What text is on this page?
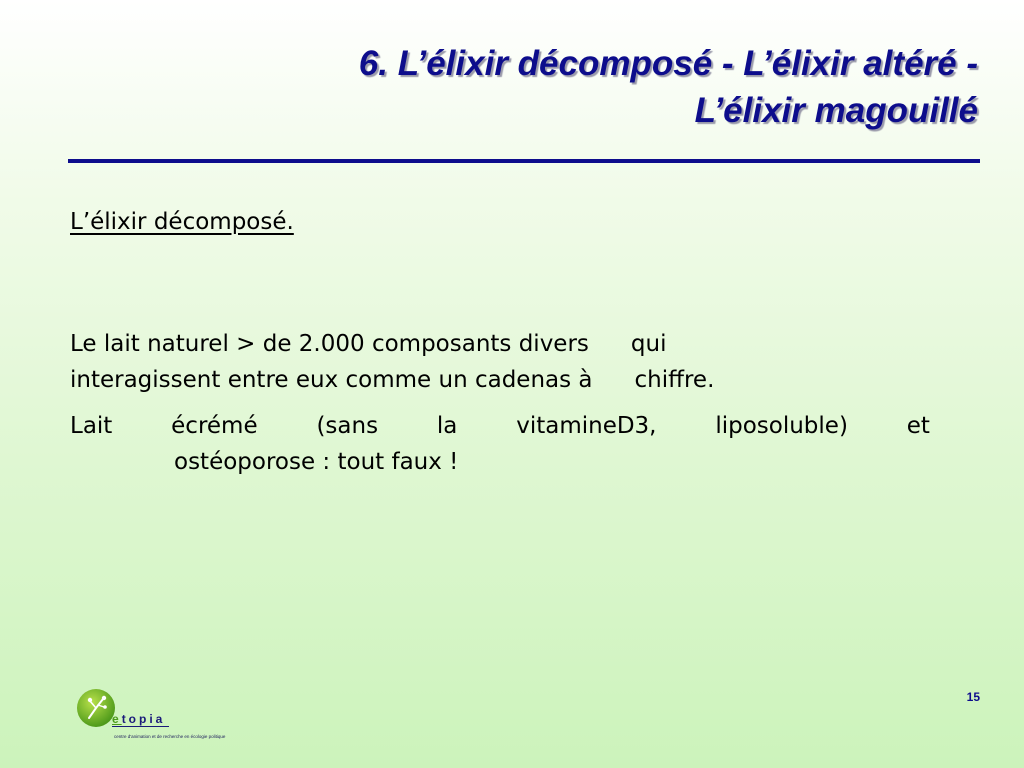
6. L’élixir décomposé - L’élixir altéré -
L’élixir magouillé
L’élixir décomposé.
Le lait naturel > de 2.000 composants divers qui
interagissent entre eux comme un cadenas à chiffre.
Lait	écrémé	(sans	la	vitamineD3,	liposoluble)	et
ostéoporose : tout faux !
15
etopia
centre d'animation et de recherche en écologie politique
